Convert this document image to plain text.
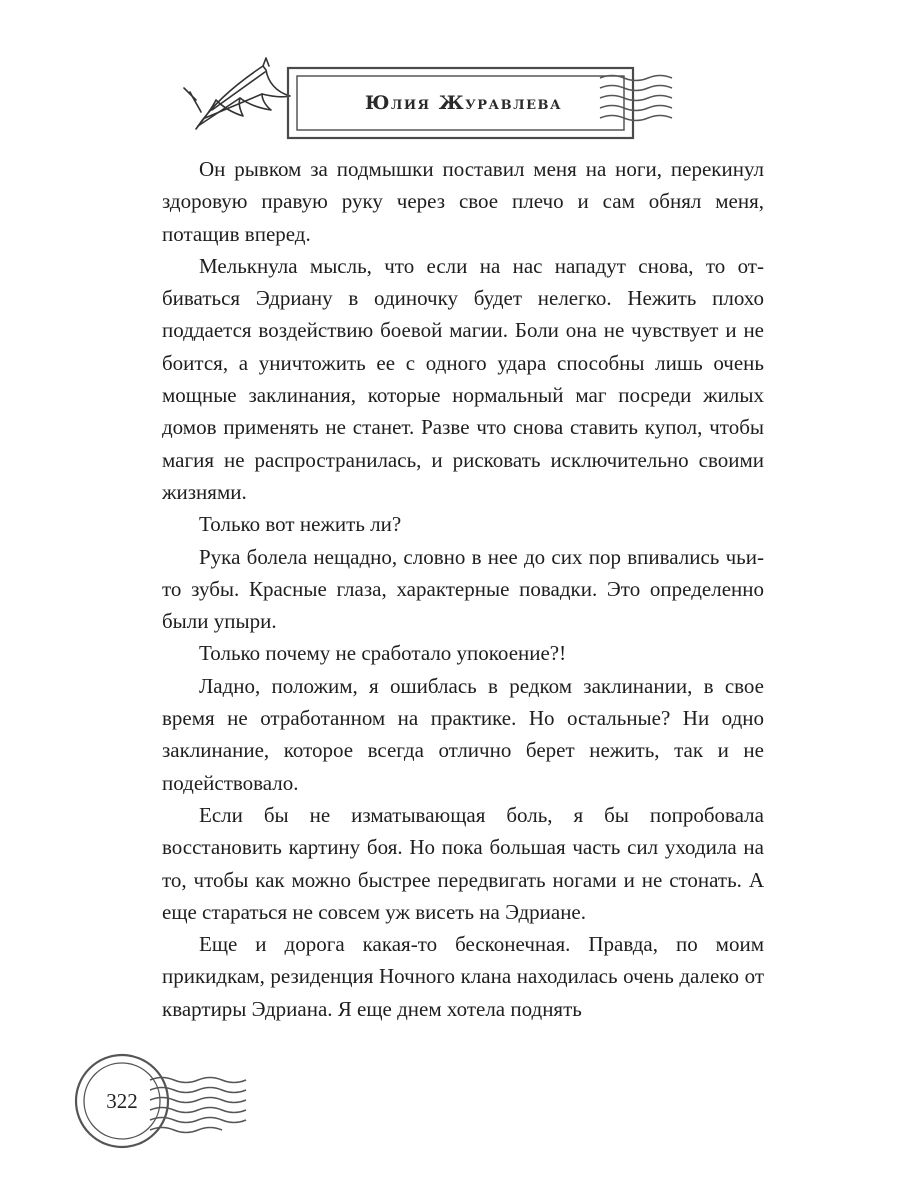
Юлия Журавлева

Он рывком за подмышки поставил меня на ноги, перекинул здоровую правую руку через свое плечо и сам обнял меня, потащив вперед.

Мелькнула мысль, что если на нас нападут снова, то отбиваться Эдриану в одиночку будет нелегко. Нежить плохо поддается воздействию боевой магии. Боли она не чувствует и не боится, а уничтожить ее с одного удара способны лишь очень мощные заклинания, которые нормальный маг посреди жилых домов применять не станет. Разве что снова ставить купол, чтобы магия не распространилась, и рисковать исключительно своими жизнями.

Только вот нежить ли?

Рука болела нещадно, словно в нее до сих пор впивались чьи-то зубы. Красные глаза, характерные повадки. Это определенно были упыри.

Только почему не сработало упокоение?!

Ладно, положим, я ошиблась в редком заклинании, в свое время не отработанном на практике. Но остальные? Ни одно заклинание, которое всегда отлично берет нежить, так и не подействовало.

Если бы не изматывающая боль, я бы попробовала восстановить картину боя. Но пока большая часть сил уходила на то, чтобы как можно быстрее передвигать ногами и не стонать. А еще стараться не совсем уж висеть на Эдриане.

Еще и дорога какая-то бесконечная. Правда, по моим прикидкам, резиденция Ночного клана находилась очень далеко от квартиры Эдриана. Я еще днем хотела поднять

322
